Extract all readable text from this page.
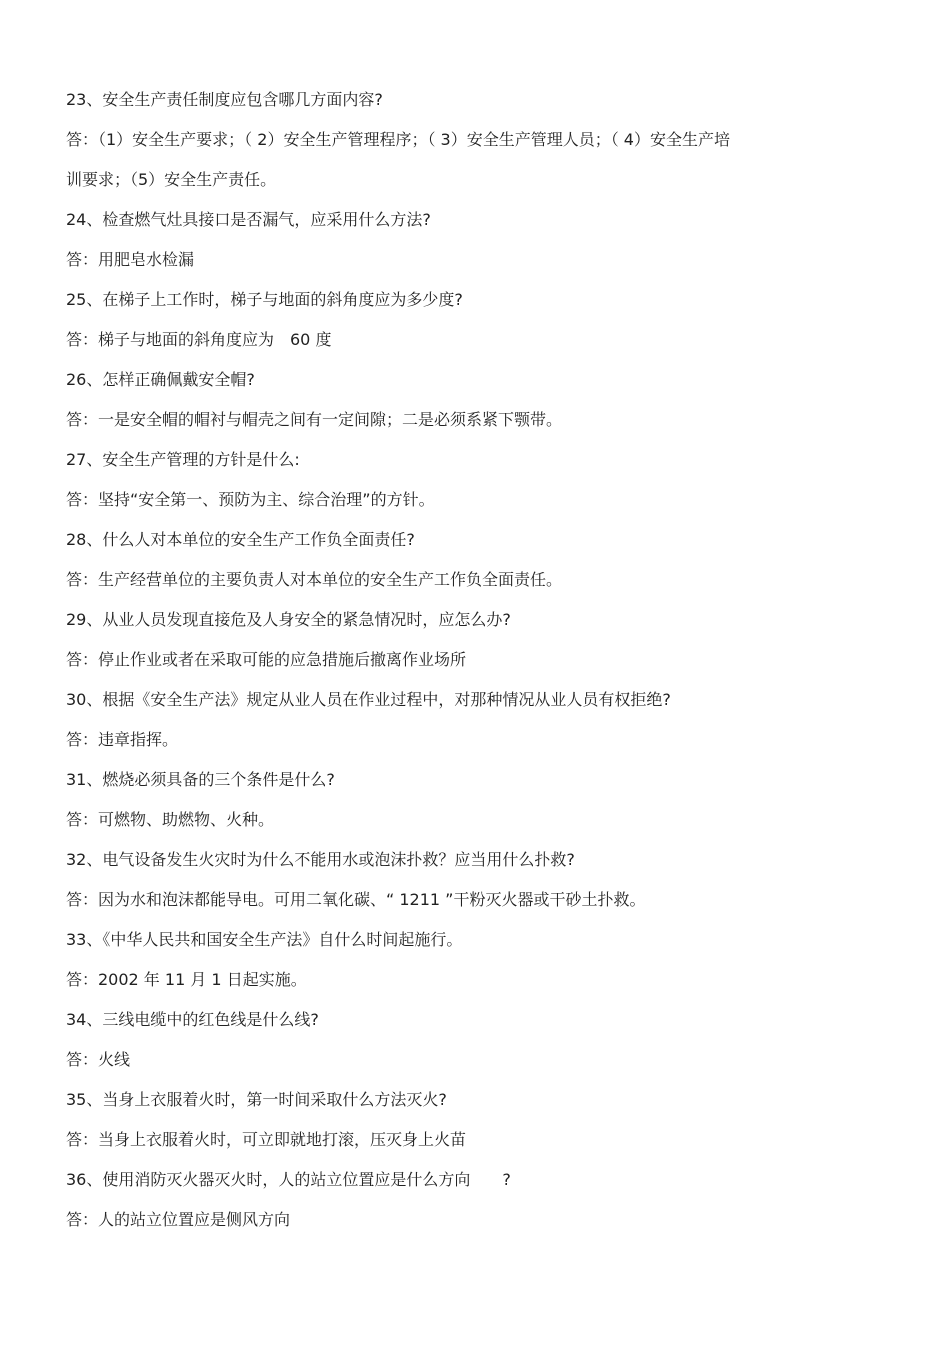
23、安全生产责任制度应包含哪几方面内容?
答：（1）安全生产要求；（ 2）安全生产管理程序；（ 3）安全生产管理人员；（ 4）安全生产培
训要求；（5）安全生产责任。
24、检查燃气灶具接口是否漏气，应采用什么方法?
答：用肥皂水检漏
25、在梯子上工作时，梯子与地面的斜角度应为多少度?
答：梯子与地面的斜角度应为　60 度
26、怎样正确佩戴安全帽?
答：一是安全帽的帽衬与帽壳之间有一定间隙；二是必须系紧下颚带。
27、安全生产管理的方针是什么:
答：坚持“安全第一、预防为主、综合治理”的方针。
28、什么人对本单位的安全生产工作负全面责任?
答：生产经营单位的主要负责人对本单位的安全生产工作负全面责任。
29、从业人员发现直接危及人身安全的紧急情况时，应怎么办?
答：停止作业或者在采取可能的应急措施后撤离作业场所
30、根据《安全生产法》规定从业人员在作业过程中，对那种情况从业人员有权拒绝?
答：违章指挥。
31、燃烧必须具备的三个条件是什么?
答：可燃物、助燃物、火种。
32、电气设备发生火灾时为什么不能用水或泡沫扑救？应当用什么扑救?
答：因为水和泡沫都能导电。可用二氧化碳、“ 1211 ”干粉灭火器或干砂土扑救。
33、《中华人民共和国安全生产法》自什么时间起施行。
答：2002 年 11 月 1 日起实施。
34、三线电缆中的红色线是什么线?
答：火线
35、当身上衣服着火时，第一时间采取什么方法灭火?
答：当身上衣服着火时，可立即就地打滚，压灭身上火苗
36、使用消防灭火器灭火时，人的站立位置应是什么方向　　?
答：人的站立位置应是侧风方向
